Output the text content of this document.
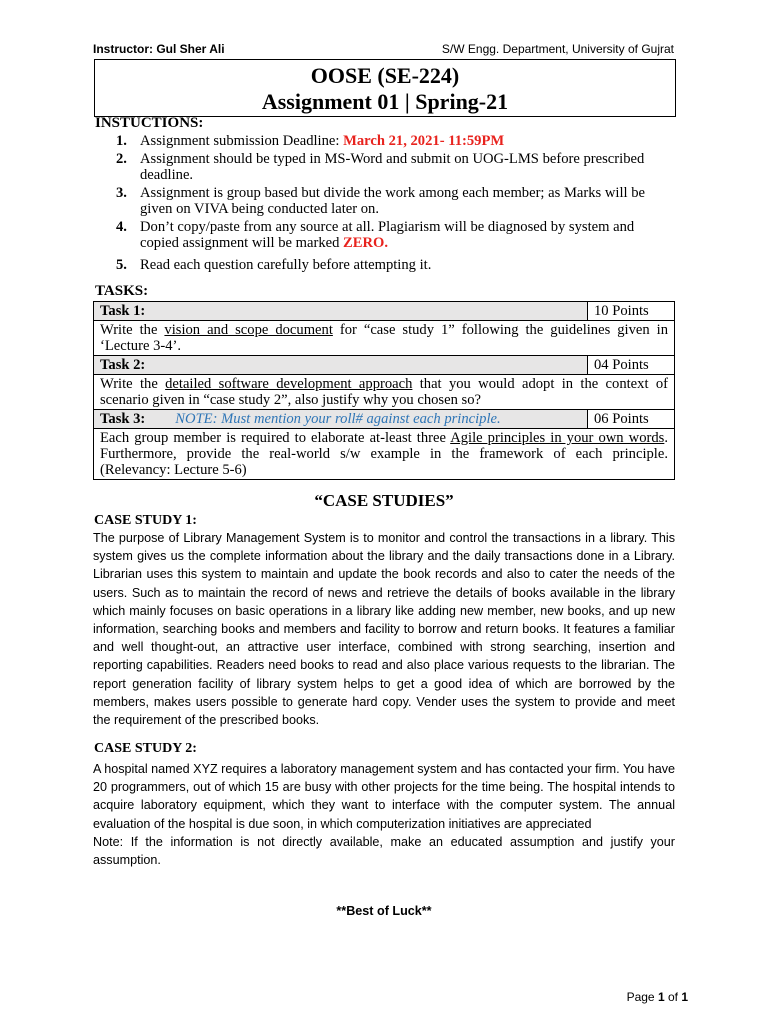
Instructor: Gul Sher Ali	S/W Engg. Department, University of Gujrat
OOSE (SE-224)
Assignment 01 | Spring-21
INSTUCTIONS:
1. Assignment submission Deadline: March 21, 2021- 11:59PM
2. Assignment should be typed in MS-Word and submit on UOG-LMS before prescribed deadline.
3. Assignment is group based but divide the work among each member; as Marks will be given on VIVA being conducted later on.
4. Don’t copy/paste from any source at all. Plagiarism will be diagnosed by system and copied assignment will be marked ZERO.
5. Read each question carefully before attempting it.
TASKS:
Task 1:	10 Points
Write the vision and scope document for “case study 1” following the guidelines given in ‘Lecture 3-4’.	
Task 2:	04 Points
Write the detailed software development approach that you would adopt in the context of scenario given in “case study 2”, also justify why you chosen so?	
Task 3: NOTE: Must mention your roll# against each principle.	06 Points
Each group member is required to elaborate at-least three Agile principles in your own words. Furthermore, provide the real-world s/w example in the framework of each principle. (Relevancy: Lecture 5-6)	
“CASE STUDIES”
CASE STUDY 1:
The purpose of Library Management System is to monitor and control the transactions in a library. This system gives us the complete information about the library and the daily transactions done in a Library. Librarian uses this system to maintain and update the book records and also to cater the needs of the users. Such as to maintain the record of news and retrieve the details of books available in the library which mainly focuses on basic operations in a library like adding new member, new books, and up new information, searching books and members and facility to borrow and return books. It features a familiar and well thought-out, an attractive user interface, combined with strong searching, insertion and reporting capabilities. Readers need books to read and also place various requests to the librarian. The report generation facility of library system helps to get a good idea of which are borrowed by the members, makes users possible to generate hard copy. Vender uses the system to provide and meet the requirement of the prescribed books.
CASE STUDY 2:
A hospital named XYZ requires a laboratory management system and has contacted your firm. You have 20 programmers, out of which 15 are busy with other projects for the time being. The hospital intends to acquire laboratory equipment, which they want to interface with the computer system. The annual evaluation of the hospital is due soon, in which computerization initiatives are appreciated
Note: If the information is not directly available, make an educated assumption and justify your assumption.
**Best of Luck**
Page 1 of 1
